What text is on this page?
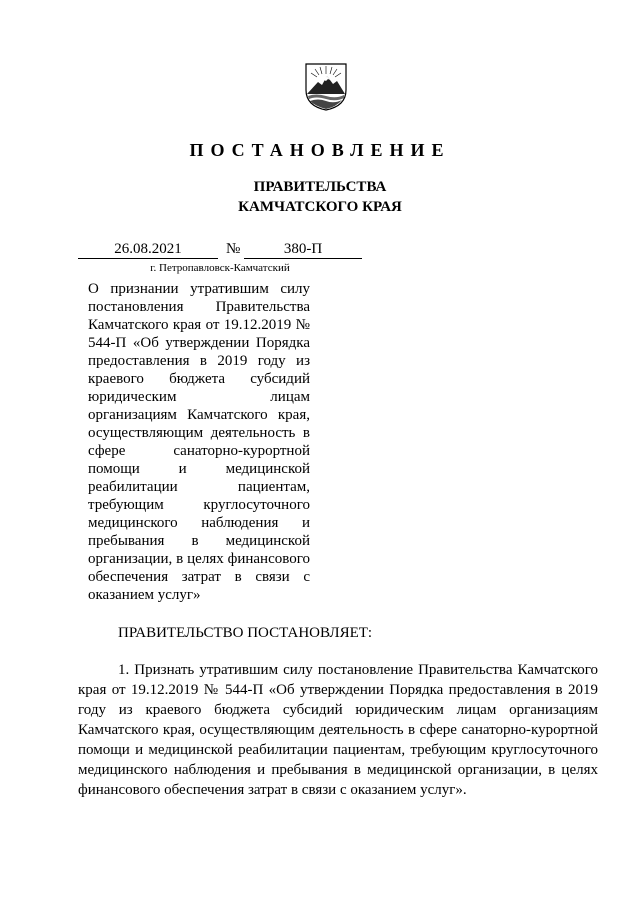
ПОСТАНОВЛЕНИЕ
ПРАВИТЕЛЬСТВА
КАМЧАТСКОГО КРАЯ
26.08.2021	№	380-П
г. Петропавловск-Камчатский
О признании утратившим силу постановления Правительства Камчатского края от 19.12.2019 № 544-П «Об утверждении Порядка предоставления в 2019 году из краевого бюджета субсидий юридическим лицам организациям Камчатского края, осуществляющим деятельность в сфере санаторно-курортной помощи и медицинской реабилитации пациентам, требующим круглосуточного медицинского наблюдения и пребывания в медицинской организации, в целях финансового обеспечения затрат в связи с оказанием услуг»
ПРАВИТЕЛЬСТВО ПОСТАНОВЛЯЕТ:
1. Признать утратившим силу постановление Правительства Камчатского края от 19.12.2019 № 544-П «Об утверждении Порядка предоставления в 2019 году из краевого бюджета субсидий юридическим лицам организациям Камчатского края, осуществляющим деятельность в сфере санаторно-курортной помощи и медицинской реабилитации пациентам, требующим круглосуточного медицинского наблюдения и пребывания в медицинской организации, в целях финансового обеспечения затрат в связи с оказанием услуг».
